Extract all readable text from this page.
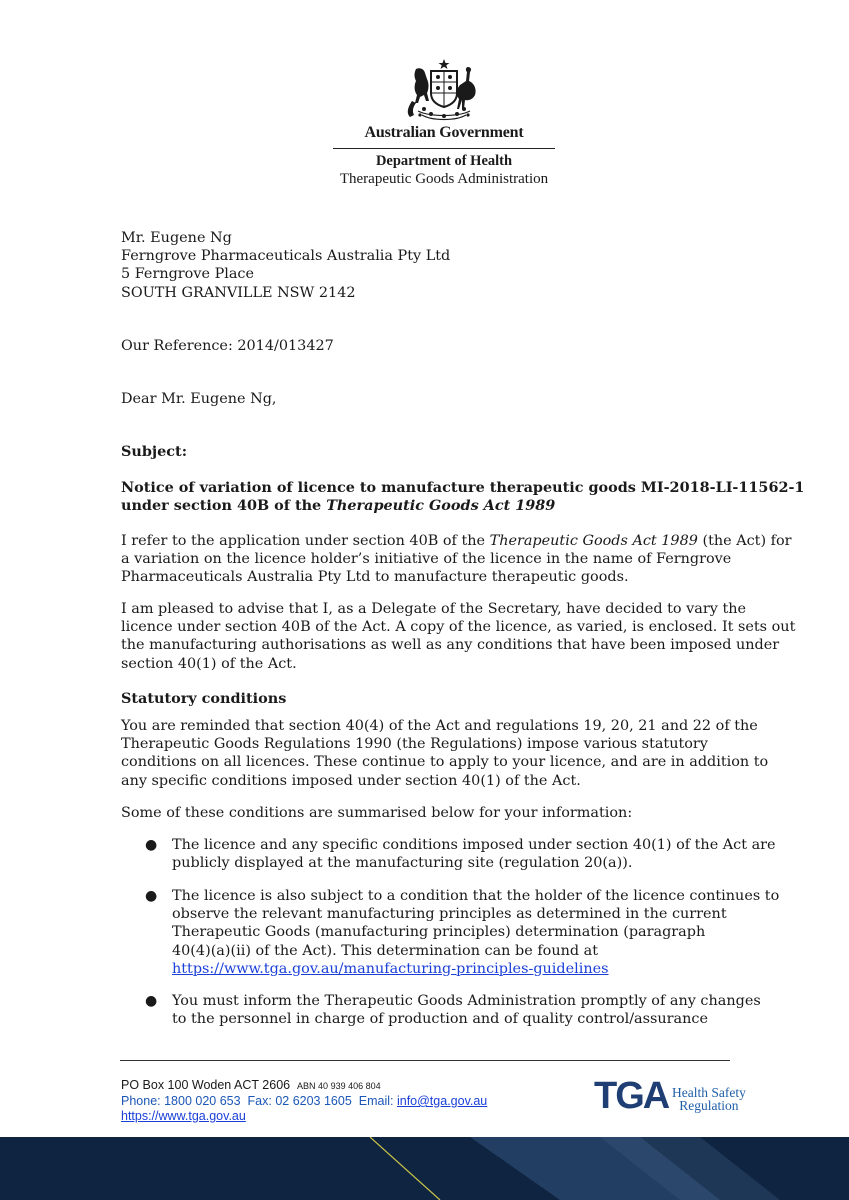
Australian Government
Department of Health
Therapeutic Goods Administration
Mr. Eugene Ng
Ferngrove Pharmaceuticals Australia Pty Ltd
5 Ferngrove Place
SOUTH GRANVILLE NSW 2142
Our Reference: 2014/013427
Dear Mr. Eugene Ng,
Subject:
Notice of variation of licence to manufacture therapeutic goods MI-2018-LI-11562-1
under section 40B of the Therapeutic Goods Act 1989
I refer to the application under section 40B of the Therapeutic Goods Act 1989 (the Act) for
a variation on the licence holder’s initiative of the licence in the name of Ferngrove
Pharmaceuticals Australia Pty Ltd to manufacture therapeutic goods.
I am pleased to advise that I, as a Delegate of the Secretary, have decided to vary the
licence under section 40B of the Act. A copy of the licence, as varied, is enclosed. It sets out
the manufacturing authorisations as well as any conditions that have been imposed under
section 40(1) of the Act.
Statutory conditions
You are reminded that section 40(4) of the Act and regulations 19, 20, 21 and 22 of the
Therapeutic Goods Regulations 1990 (the Regulations) impose various statutory
conditions on all licences. These continue to apply to your licence, and are in addition to
any specific conditions imposed under section 40(1) of the Act.
Some of these conditions are summarised below for your information:
● The licence and any specific conditions imposed under section 40(1) of the Act are
publicly displayed at the manufacturing site (regulation 20(a)).
● The licence is also subject to a condition that the holder of the licence continues to
observe the relevant manufacturing principles as determined in the current
Therapeutic Goods (manufacturing principles) determination (paragraph
40(4)(a)(ii) of the Act). This determination can be found at
https://www.tga.gov.au/manufacturing-principles-guidelines
● You must inform the Therapeutic Goods Administration promptly of any changes
to the personnel in charge of production and of quality control/assurance
PO Box 100 Woden ACT 2606 ABN 40 939 406 804
Phone: 1800 020 653 Fax: 02 6203 1605 Email: info@tga.gov.au
https://www.tga.gov.au	TGA Health Safety
Regulation
